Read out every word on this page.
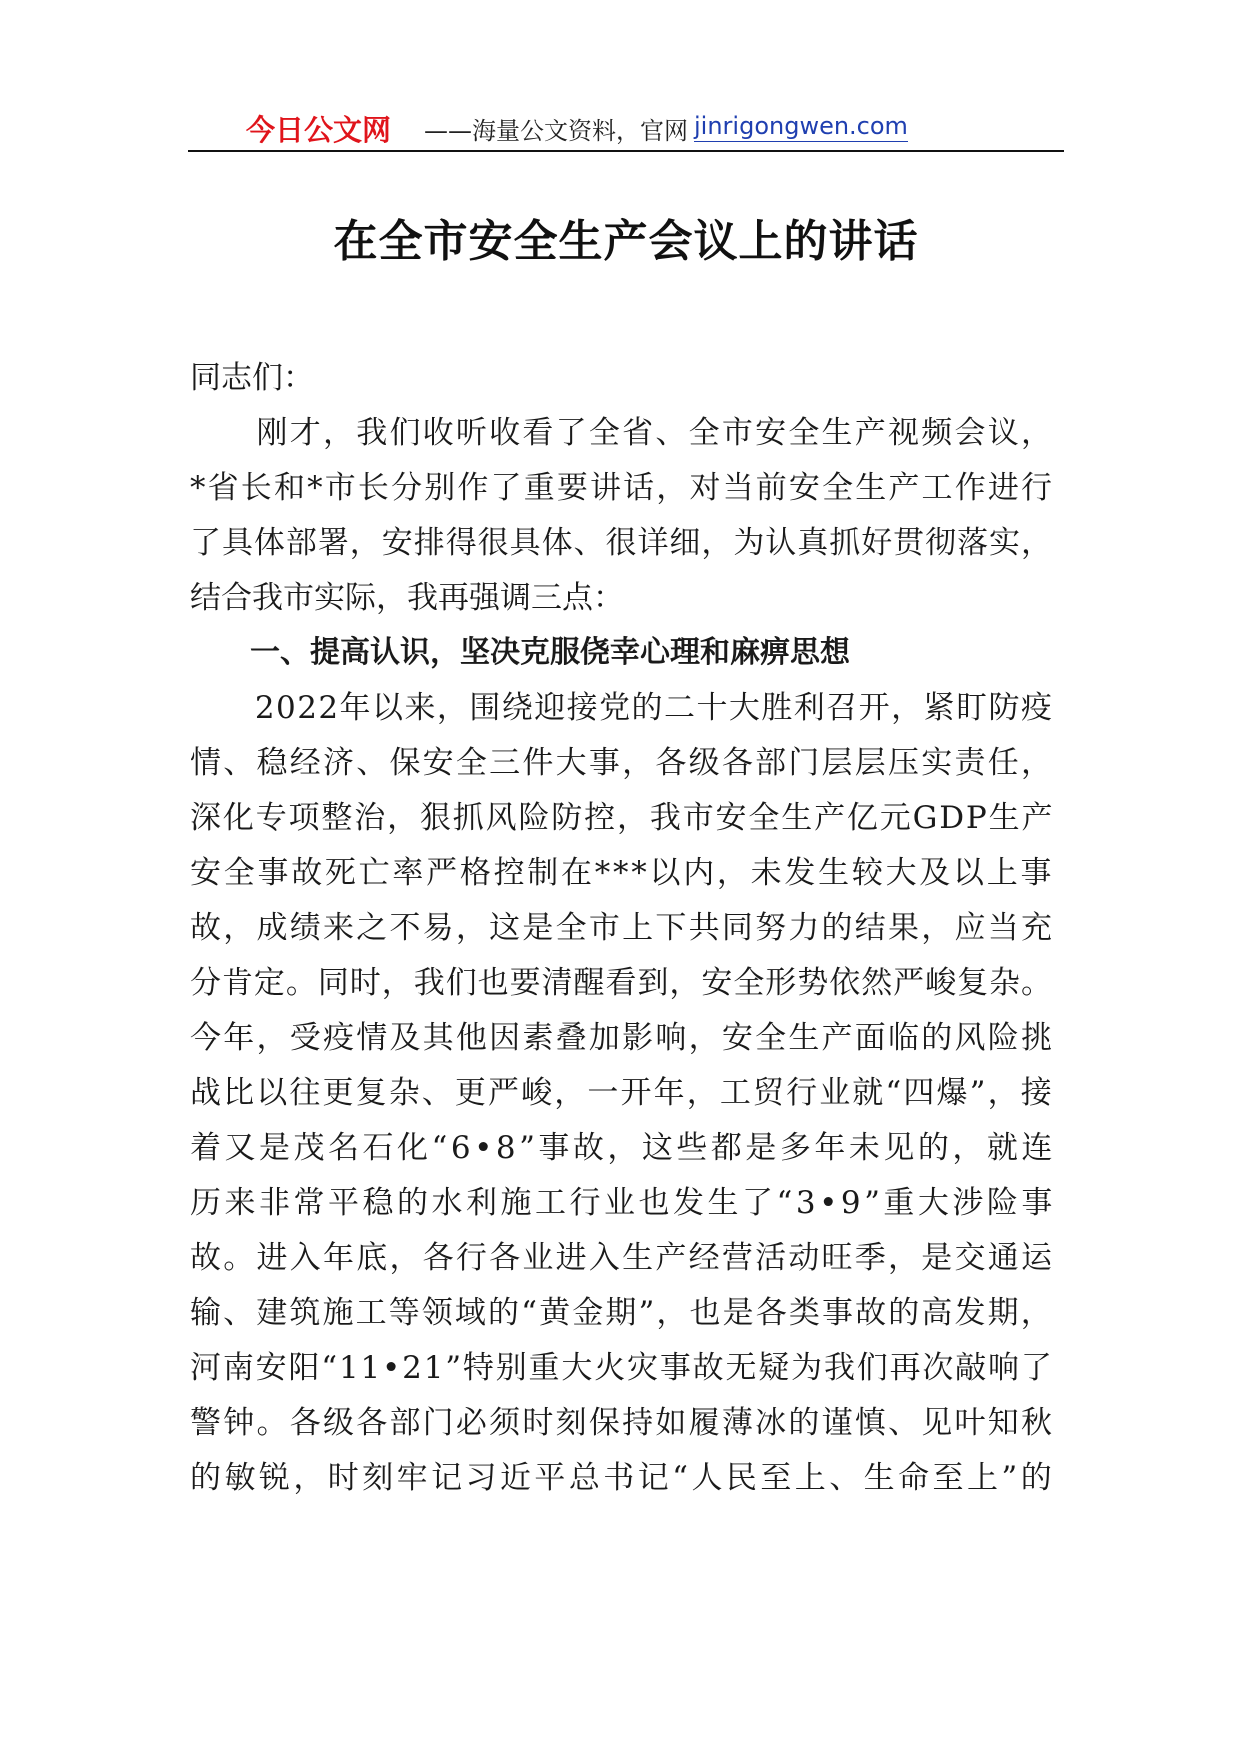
今日公文网 ——海量公文资料，官网 jinrigongwen.com
在全市安全生产会议上的讲话
同志们：
　　刚才，我们收听收看了全省、全市安全生产视频会议，
*省长和*市长分别作了重要讲话，对当前安全生产工作进行
了具体部署，安排得很具体、很详细，为认真抓好贯彻落实，
结合我市实际，我再强调三点：
　　一、提高认识，坚决克服侥幸心理和麻痹思想
　　2022年以来，围绕迎接党的二十大胜利召开，紧盯防疫
情、稳经济、保安全三件大事，各级各部门层层压实责任，
深化专项整治，狠抓风险防控，我市安全生产亿元GDP生产
安全事故死亡率严格控制在***以内，未发生较大及以上事
故，成绩来之不易，这是全市上下共同努力的结果，应当充
分肯定。同时，我们也要清醒看到，安全形势依然严峻复杂。
今年，受疫情及其他因素叠加影响，安全生产面临的风险挑
战比以往更复杂、更严峻，一开年，工贸行业就“四爆”，接
着又是茂名石化“6•8”事故，这些都是多年未见的，就连
历来非常平稳的水利施工行业也发生了“3•9”重大涉险事
故。进入年底，各行各业进入生产经营活动旺季，是交通运
输、建筑施工等领域的“黄金期”，也是各类事故的高发期，
河南安阳“11•21”特别重大火灾事故无疑为我们再次敲响了
警钟。各级各部门必须时刻保持如履薄冰的谨慎、见叶知秋
的敏锐，时刻牢记习近平总书记“人民至上、生命至上”的
